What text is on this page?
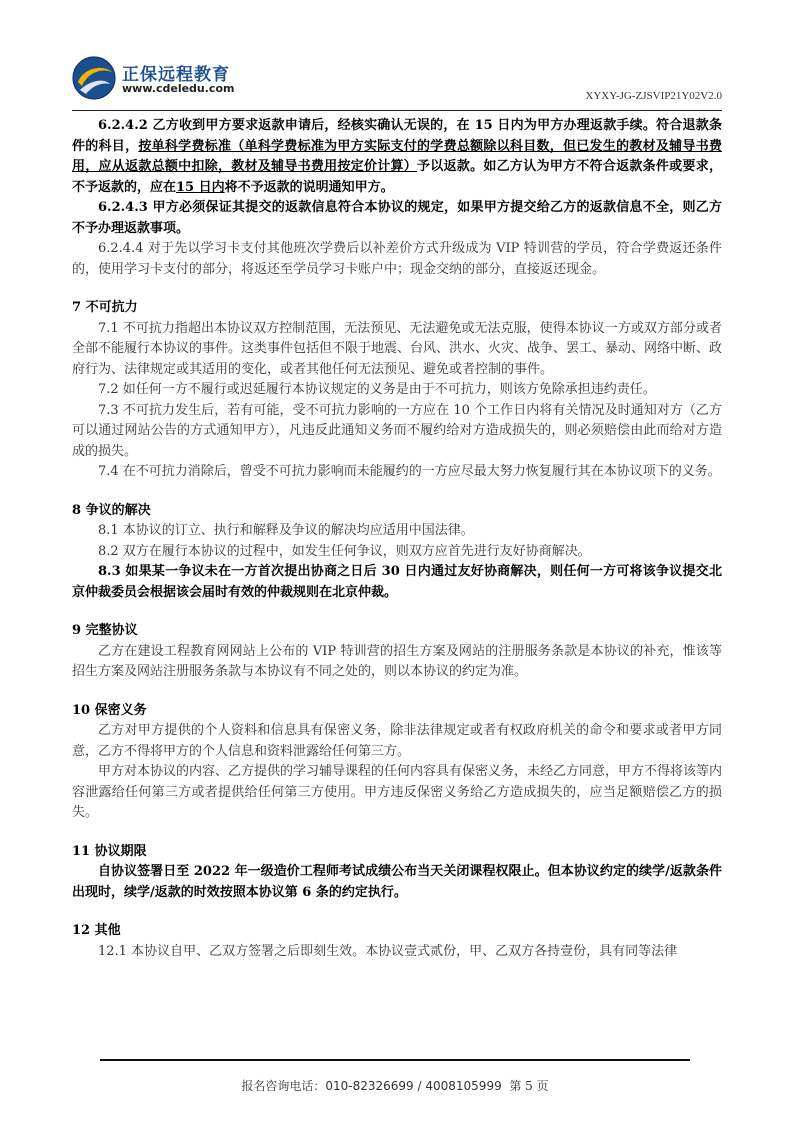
正保远程教育
www.cdeledu.com
XYXY-JG-ZJSVIP21Y02V2.0

6.2.4.2 乙方收到甲方要求返款申请后，经核实确认无误的，在 15 日内为甲方办理返款手续。符合退款条件的科目，按单科学费标准（单科学费标准为甲方实际支付的学费总额除以科目数，但已发生的教材及辅导书费用，应从返款总额中扣除，教材及辅导书费用按定价计算）予以返款。如乙方认为甲方不符合返款条件或要求，不予返款的，应在15 日内将不予返款的说明通知甲方。

6.2.4.3 甲方必须保证其提交的返款信息符合本协议的规定，如果甲方提交给乙方的返款信息不全，则乙方不予办理返款事项。

6.2.4.4 对于先以学习卡支付其他班次学费后以补差价方式升级成为 VIP 特训营的学员，符合学费返还条件的，使用学习卡支付的部分，将返还至学员学习卡账户中；现金交纳的部分，直接返还现金。

7 不可抗力

7.1 不可抗力指超出本协议双方控制范围，无法预见、无法避免或无法克服，使得本协议一方或双方部分或者全部不能履行本协议的事件。这类事件包括但不限于地震、台风、洪水、火灾、战争、罢工、暴动、网络中断、政府行为、法律规定或其适用的变化，或者其他任何无法预见、避免或者控制的事件。

7.2 如任何一方不履行或迟延履行本协议规定的义务是由于不可抗力，则该方免除承担违约责任。

7.3 不可抗力发生后，若有可能，受不可抗力影响的一方应在 10 个工作日内将有关情况及时通知对方（乙方可以通过网站公告的方式通知甲方），凡违反此通知义务而不履约给对方造成损失的，则必须赔偿由此而给对方造成的损失。

7.4 在不可抗力消除后，曾受不可抗力影响而未能履约的一方应尽最大努力恢复履行其在本协议项下的义务。

8 争议的解决

8.1 本协议的订立、执行和解释及争议的解决均应适用中国法律。

8.2 双方在履行本协议的过程中，如发生任何争议，则双方应首先进行友好协商解决。

8.3 如果某一争议未在一方首次提出协商之日后 30 日内通过友好协商解决，则任何一方可将该争议提交北京仲裁委员会根据该会届时有效的仲裁规则在北京仲裁。

9 完整协议

乙方在建设工程教育网网站上公布的 VIP 特训营的招生方案及网站的注册服务条款是本协议的补充，惟该等招生方案及网站注册服务条款与本协议有不同之处的，则以本协议的约定为准。

10 保密义务

乙方对甲方提供的个人资料和信息具有保密义务，除非法律规定或者有权政府机关的命令和要求或者甲方同意，乙方不得将甲方的个人信息和资料泄露给任何第三方。

甲方对本协议的内容、乙方提供的学习辅导课程的任何内容具有保密义务，未经乙方同意，甲方不得将该等内容泄露给任何第三方或者提供给任何第三方使用。甲方违反保密义务给乙方造成损失的，应当足额赔偿乙方的损失。

11 协议期限

自协议签署日至 2022 年一级造价工程师考试成绩公布当天关闭课程权限止。但本协议约定的续学/返款条件出现时，续学/返款的时效按照本协议第 6 条的约定执行。

12 其他

12.1 本协议自甲、乙双方签署之后即刻生效。本协议壹式贰份，甲、乙双方各持壹份，具有同等法律

报名咨询电话：010-82326699 / 4008105999 第 5 页
